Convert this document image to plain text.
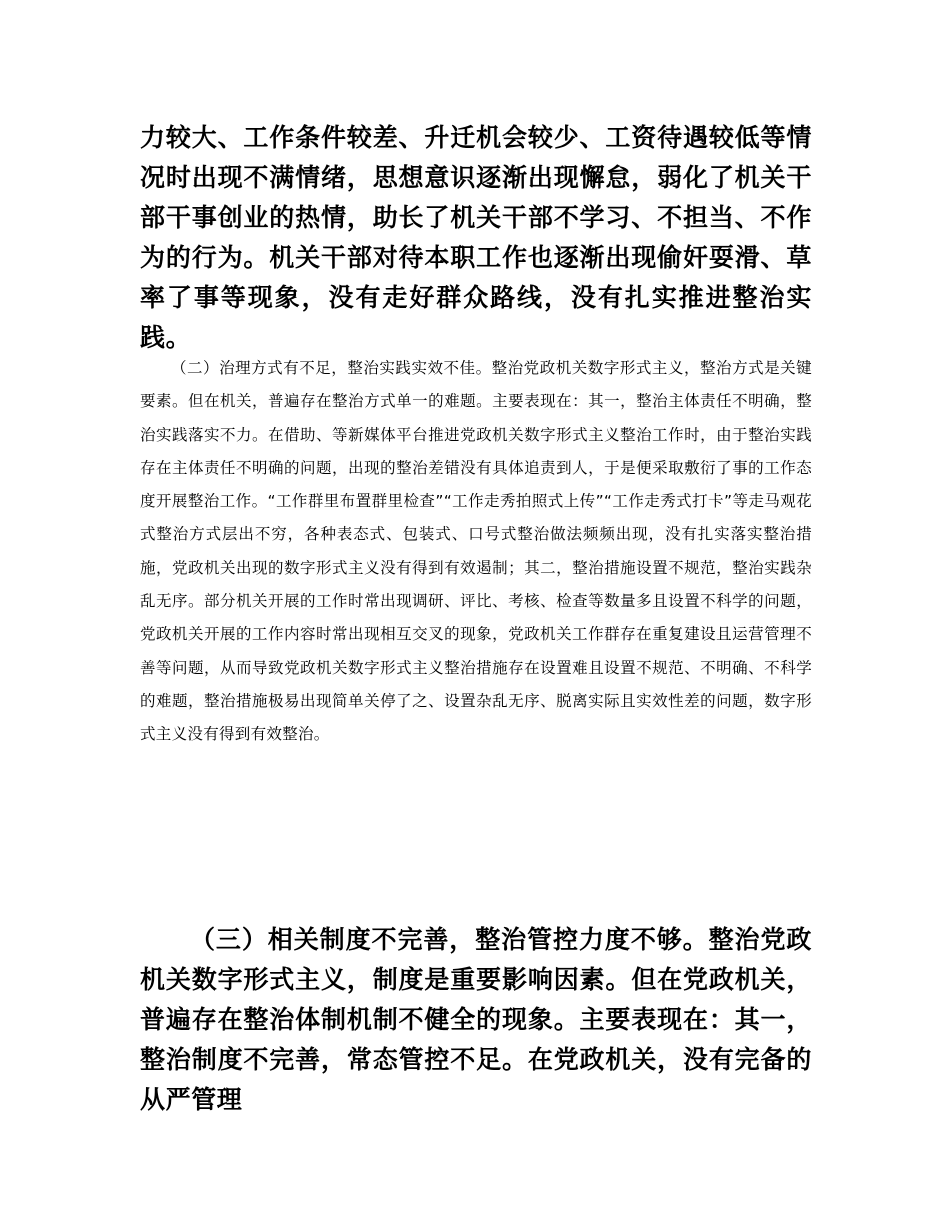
力较大、工作条件较差、升迁机会较少、工资待遇较低等情况时出现不满情绪，思想意识逐渐出现懈怠，弱化了机关干部干事创业的热情，助长了机关干部不学习、不担当、不作为的行为。机关干部对待本职工作也逐渐出现偷奸耍滑、草率了事等现象，没有走好群众路线，没有扎实推进整治实践。

（二）治理方式有不足，整治实践实效不佳。整治党政机关数字形式主义，整治方式是关键要素。但在机关，普遍存在整治方式单一的难题。主要表现在：其一，整治主体责任不明确，整治实践落实不力。在借助、等新媒体平台推进党政机关数字形式主义整治工作时，由于整治实践存在主体责任不明确的问题，出现的整治差错没有具体追责到人，于是便采取敷衍了事的工作态度开展整治工作。“工作群里布置群里检查”“工作走秀拍照式上传”“工作走秀式打卡”等走马观花式整治方式层出不穷，各种表态式、包装式、口号式整治做法频频出现，没有扎实落实整治措施，党政机关出现的数字形式主义没有得到有效遏制；其二，整治措施设置不规范，整治实践杂乱无序。部分机关开展的工作时常出现调研、评比、考核、检查等数量多且设置不科学的问题，党政机关开展的工作内容时常出现相互交叉的现象，党政机关工作群存在重复建设且运营管理不善等问题，从而导致党政机关数字形式主义整治措施存在设置难且设置不规范、不明确、不科学的难题，整治措施极易出现简单关停了之、设置杂乱无序、脱离实际且实效性差的问题，数字形式主义没有得到有效整治。

（三）相关制度不完善，整治管控力度不够。整治党政机关数字形式主义，制度是重要影响因素。但在党政机关，普遍存在整治体制机制不健全的现象。主要表现在：其一，整治制度不完善，常态管控不足。在党政机关，没有完备的从严管理
